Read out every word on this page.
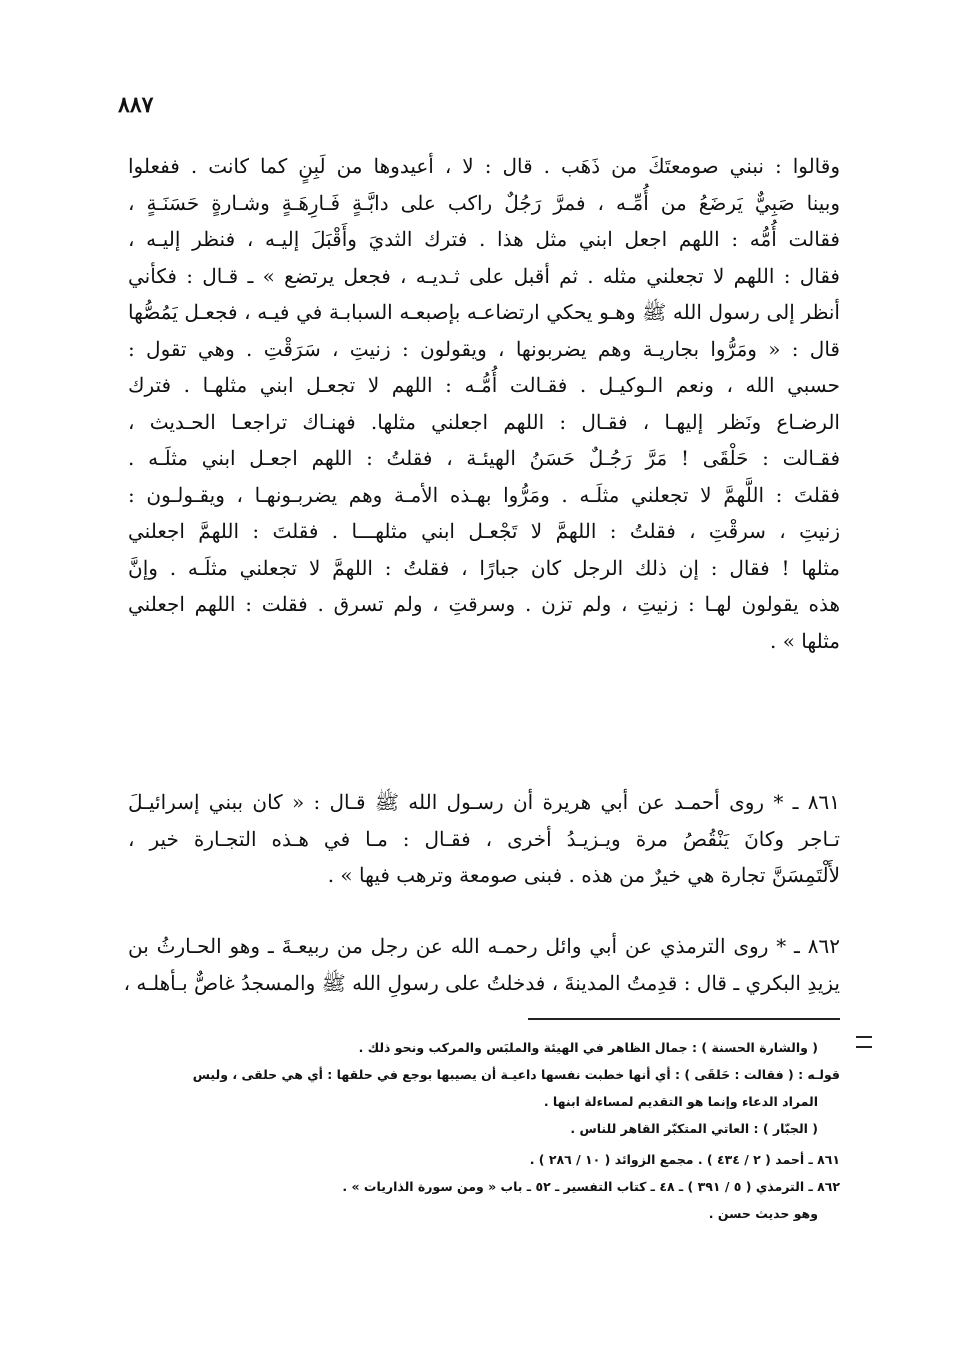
٨٨٧
وقالوا : نبني صومعتَكَ من ذَهَب . قال : لا ، أعيدوها من لَبِنٍ كما كانت . ففعلوا
وبينا صَبِيٌّ يَرضَعُ من أُمِّـه ، فمرَّ رَجُلٌ راكب على دابَّـةٍ فَـارِهَـةٍ وشـارةٍ حَسَنَـةٍ ،
فقالت أُمُّه : اللهم اجعل ابني مثل هذا . فترك الثديَ وأَقْبَلَ إليـه ، فنظر إليـه ،
فقال : اللهم لا تجعلني مثله . ثم أقبل على ثـديـه ، فجعل يرتضع » ـ قـال : فكأني
أنظر إلى رسول الله ﷺ وهـو يحكي ارتضاعـه بإصبعـه السبابـة في فيـه ، فجعـل يَمُصُّها
قال : « ومَرُّوا بجاريـة وهم يضربونها ، ويقولون : زنيتِ ، سَرَقْتِ . وهي تقول :
حسبي الله ، ونعم الـوكيـل . فقـالت أُمُّـه : اللهم لا تجعـل ابني مثلهـا . فترك
الرضـاع ونَظر إليهـا ، فقـال : اللهم اجعلني مثلها. فهنـاك تراجعـا الحـديث ،
فقـالت : حَلْقَى ! مَرَّ رَجُـلٌ حَسَنُ الهيئـة ، فقلتُ : اللهم اجعـل ابني مثلَـه .
فقلتَ : اللَّهمَّ لا تجعلني مثلَـه . ومَرُّوا بهـذه الأمـة وهم يضربـونهـا ، ويقـولـون :
زنيتِ ، سرقْتِ ، فقلتُ : اللهمَّ لا تَجْعـل ابني مثلهـــا . فقلتَ : اللهمَّ اجعلني
مثلها ! فقال : إن ذلك الرجل كان جبارًا ، فقلتُ : اللهمَّ لا تجعلني مثلَـه . وإنَّ
هذه يقولون لهـا : زنيتِ ، ولم تزن . وسرقتِ ، ولم تسرق . فقلت : اللهم اجعلني
مثلها » .
٨٦١ ـ * روى أحمـد عن أبي هريرة أن رسـول الله ﷺ قـال : « كان ببني إسرائيـلَ
تـاجر وكانَ يَنْقُصُ مرة ويـزيـدُ أخرى ، فقـال : مـا في هـذه التجـارة خير ،
لأَلْتَمِسَنَّ تجارة هي خيرٌ من هذه . فبنى صومعة وترهب فيها » .
٨٦٢ ـ * روى الترمذي عن أبي وائل رحمـه الله عن رجل من ربيعـةَ ـ وهو الحـارثُ بن
يزيدِ البكري ـ قال : قدِمتُ المدينةَ ، فدخلتُ على رسولِ الله ﷺ والمسجدُ غاصٌّ بـأهلـه ،
( والشارة الحسنة ) : جمال الظاهر في الهيئة والملبَس والمركب ونحو ذلك .
قولـه : ( فقالت : حَلقَى ) : أي أنها خطبت نفسها داعيـة أن يصيبها بوجع في حلقها : أي هي حلقى ، وليس
المراد الدعاء وإنما هو التقديم لمساءلة ابنها .
( الجبّار ) : العاتي المتكبّر القاهر للناس .
٨٦١ ـ أحمد ( ٢ / ٤٣٤ ) . مجمع الزوائد ( ١٠ / ٢٨٦ ) .
٨٦٢ ـ الترمذي ( ٥ / ٣٩١ ) ـ ٤٨ ـ كتاب التفسير ـ ٥٢ ـ باب « ومن سورة الذاريات » .
وهو حديث حسن .
